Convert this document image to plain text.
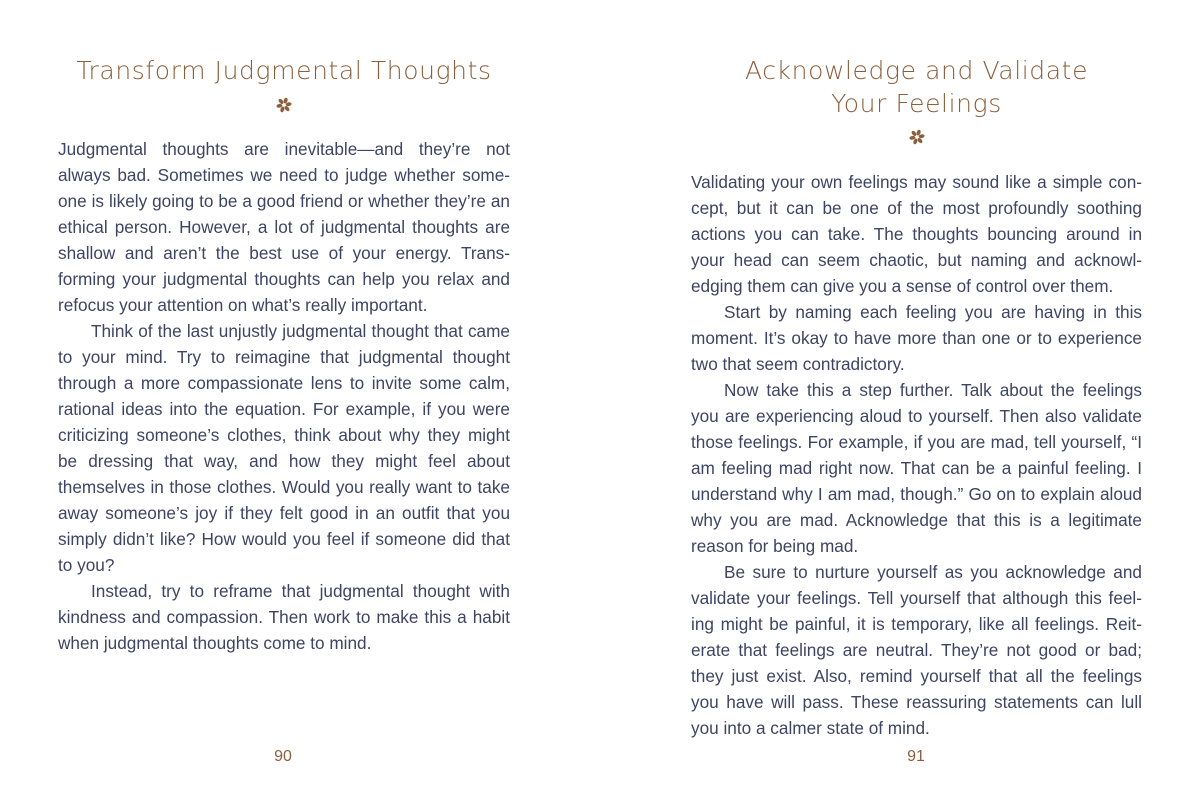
Transform Judgmental Thoughts

Judgmental thoughts are inevitable—and they’re not always bad. Sometimes we need to judge whether someone is likely going to be a good friend or whether they’re an ethical person. However, a lot of judgmental thoughts are shallow and aren’t the best use of your energy. Transforming your judgmental thoughts can help you relax and refocus your attention on what’s really important.

Think of the last unjustly judgmental thought that came to your mind. Try to reimagine that judgmental thought through a more compassionate lens to invite some calm, rational ideas into the equation. For example, if you were criticizing someone’s clothes, think about why they might be dressing that way, and how they might feel about themselves in those clothes. Would you really want to take away someone’s joy if they felt good in an outfit that you simply didn’t like? How would you feel if someone did that to you?

Instead, try to reframe that judgmental thought with kindness and compassion. Then work to make this a habit when judgmental thoughts come to mind.

90

Acknowledge and Validate
Your Feelings

Validating your own feelings may sound like a simple concept, but it can be one of the most profoundly soothing actions you can take. The thoughts bouncing around in your head can seem chaotic, but naming and acknowledging them can give you a sense of control over them.

Start by naming each feeling you are having in this moment. It’s okay to have more than one or to experience two that seem contradictory.

Now take this a step further. Talk about the feelings you are experiencing aloud to yourself. Then also validate those feelings. For example, if you are mad, tell yourself, “I am feeling mad right now. That can be a painful feeling. I understand why I am mad, though.” Go on to explain aloud why you are mad. Acknowledge that this is a legitimate reason for being mad.

Be sure to nurture yourself as you acknowledge and validate your feelings. Tell yourself that although this feeling might be painful, it is temporary, like all feelings. Reiterate that feelings are neutral. They’re not good or bad; they just exist. Also, remind yourself that all the feelings you have will pass. These reassuring statements can lull you into a calmer state of mind.

91
